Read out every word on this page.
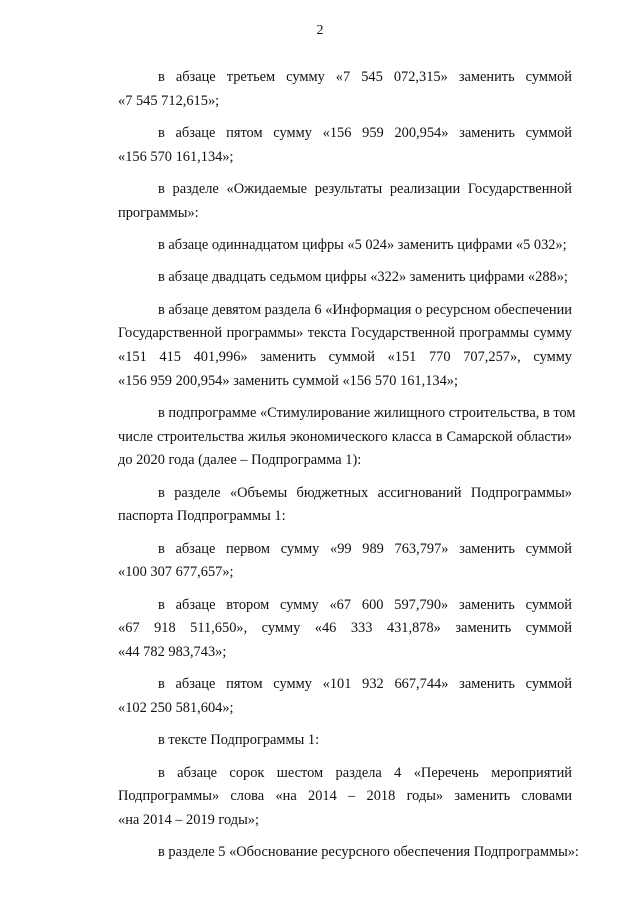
2
в абзаце третьем сумму «7 545 072,315» заменить суммой
«7 545 712,615»;
в абзаце пятом сумму «156 959 200,954» заменить суммой
«156 570 161,134»;
в разделе «Ожидаемые результаты реализации Государственной
программы»:
в абзаце одиннадцатом цифры «5 024» заменить цифрами «5 032»;
в абзаце двадцать седьмом цифры «322» заменить цифрами «288»;
в абзаце девятом раздела 6 «Информация о ресурсном обеспечении
Государственной программы» текста Государственной программы сумму
«151 415 401,996» заменить суммой «151 770 707,257», сумму
«156 959 200,954» заменить суммой «156 570 161,134»;
в подпрограмме «Стимулирование жилищного строительства, в том
числе строительства жилья экономического класса в Самарской области»
до 2020 года (далее – Подпрограмма 1):
в разделе «Объемы бюджетных ассигнований Подпрограммы»
паспорта Подпрограммы 1:
в абзаце первом сумму «99 989 763,797» заменить суммой
«100 307 677,657»;
в абзаце втором сумму «67 600 597,790» заменить суммой
«67 918 511,650», сумму «46 333 431,878» заменить суммой
«44 782 983,743»;
в абзаце пятом сумму «101 932 667,744» заменить суммой
«102 250 581,604»;
в тексте Подпрограммы 1:
в абзаце сорок шестом раздела 4 «Перечень мероприятий
Подпрограммы» слова «на 2014 – 2018 годы» заменить словами
«на 2014 – 2019 годы»;
в разделе 5 «Обоснование ресурсного обеспечения Подпрограммы»:
